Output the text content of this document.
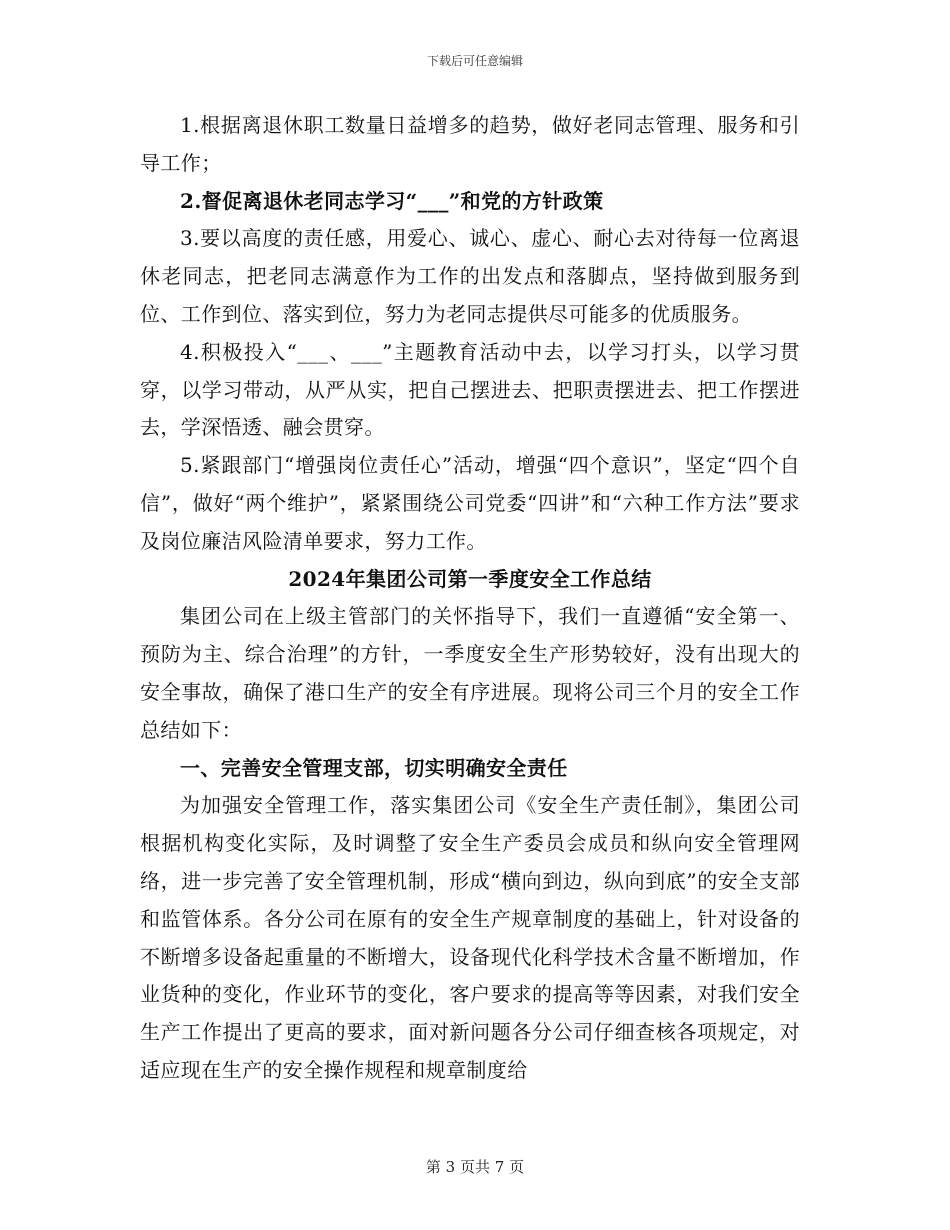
下载后可任意编辑

1.根据离退休职工数量日益增多的趋势，做好老同志管理、服务和引导工作；

2.督促离退休老同志学习“___”和党的方针政策

3.要以高度的责任感，用爱心、诚心、虚心、耐心去对待每一位离退休老同志，把老同志满意作为工作的出发点和落脚点，坚持做到服务到位、工作到位、落实到位，努力为老同志提供尽可能多的优质服务。

4.积极投入“___、___”主题教育活动中去，以学习打头，以学习贯穿，以学习带动，从严从实，把自己摆进去、把职责摆进去、把工作摆进去，学深悟透、融会贯穿。

5.紧跟部门“增强岗位责任心”活动，增强“四个意识”，坚定“四个自信”，做好“两个维护”，紧紧围绕公司党委“四讲”和“六种工作方法”要求及岗位廉洁风险清单要求，努力工作。

2024年集团公司第一季度安全工作总结

集团公司在上级主管部门的关怀指导下，我们一直遵循“安全第一、预防为主、综合治理”的方针，一季度安全生产形势较好，没有出现大的安全事故，确保了港口生产的安全有序进展。现将公司三个月的安全工作总结如下：

一、完善安全管理支部，切实明确安全责任

为加强安全管理工作，落实集团公司《安全生产责任制》，集团公司根据机构变化实际，及时调整了安全生产委员会成员和纵向安全管理网络，进一步完善了安全管理机制，形成“横向到边，纵向到底”的安全支部和监管体系。各分公司在原有的安全生产规章制度的基础上，针对设备的不断增多设备起重量的不断增大，设备现代化科学技术含量不断增加，作业货种的变化，作业环节的变化，客户要求的提高等等因素，对我们安全生产工作提出了更高的要求，面对新问题各分公司仔细查核各项规定，对适应现在生产的安全操作规程和规章制度给

第 3 页共 7 页
